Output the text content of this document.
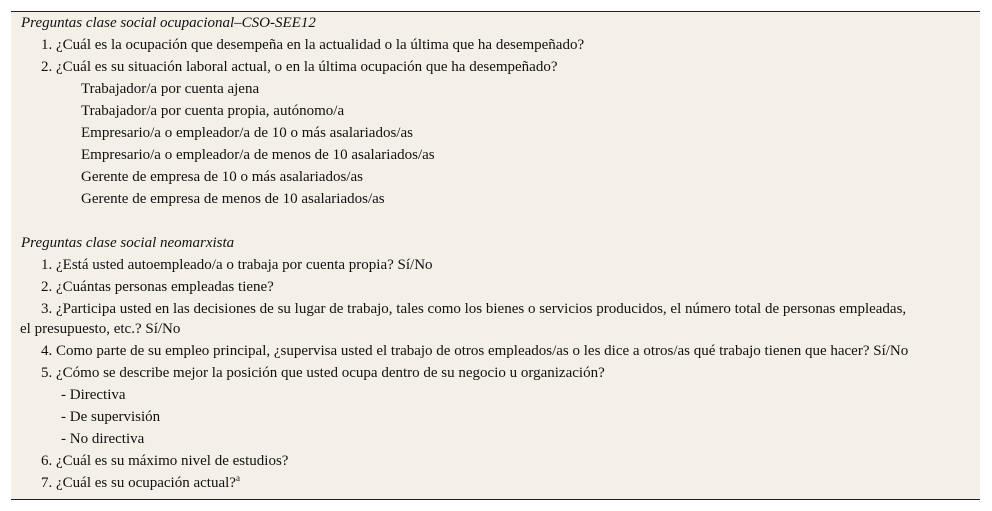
Preguntas clase social ocupacional–CSO-SEE12
1. ¿Cuál es la ocupación que desempeña en la actualidad o la última que ha desempeñado?
2. ¿Cuál es su situación laboral actual, o en la última ocupación que ha desempeñado?
Trabajador/a por cuenta ajena
Trabajador/a por cuenta propia, autónomo/a
Empresario/a o empleador/a de 10 o más asalariados/as
Empresario/a o empleador/a de menos de 10 asalariados/as
Gerente de empresa de 10 o más asalariados/as
Gerente de empresa de menos de 10 asalariados/as
Preguntas clase social neomarxista
1. ¿Está usted autoempleado/a o trabaja por cuenta propia? Sí/No
2. ¿Cuántas personas empleadas tiene?
3. ¿Participa usted en las decisiones de su lugar de trabajo, tales como los bienes o servicios producidos, el número total de personas empleadas,
el presupuesto, etc.? Sí/No
4. Como parte de su empleo principal, ¿supervisa usted el trabajo de otros empleados/as o les dice a otros/as qué trabajo tienen que hacer? Sí/No
5. ¿Cómo se describe mejor la posición que usted ocupa dentro de su negocio u organización?
- Directiva
- De supervisión
- No directiva
6. ¿Cuál es su máximo nivel de estudios?
7. ¿Cuál es su ocupación actual?$^a$
